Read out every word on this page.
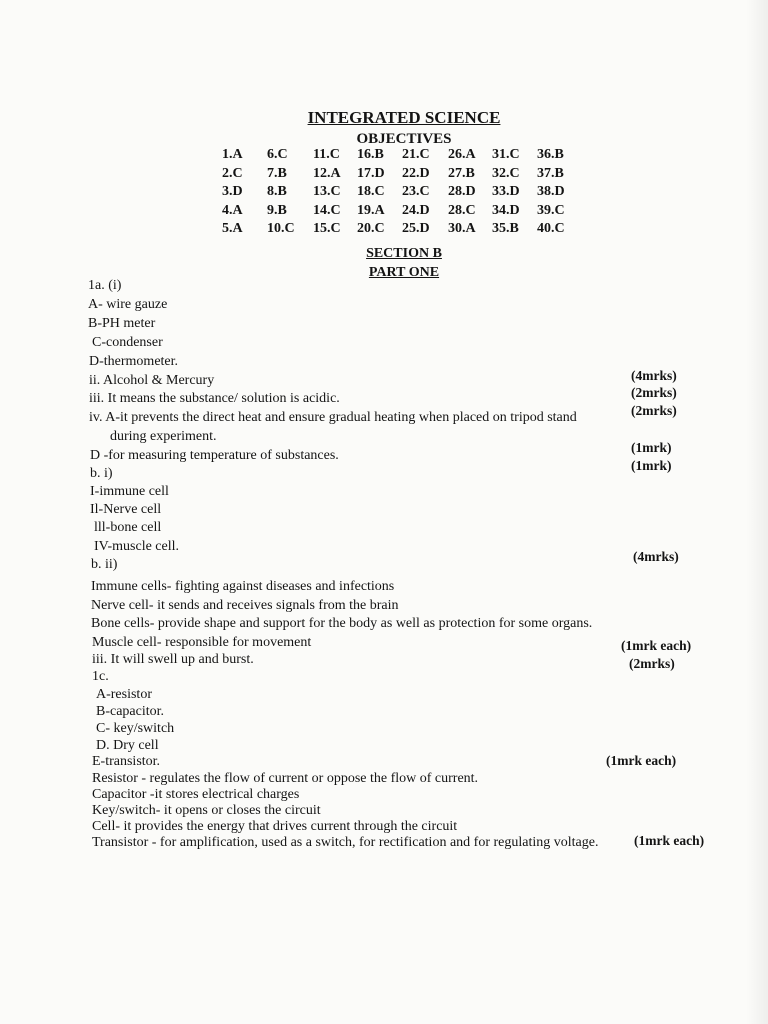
INTEGRATED SCIENCE
OBJECTIVES
1.A	6.C	11.C	16.B	21.C	26.A	31.C	36.B
2.C	7.B	12.A	17.D	22.D	27.B	32.C	37.B
3.D	8.B	13.C	18.C	23.C	28.D	33.D	38.D
4.A	9.B	14.C	19.A	24.D	28.C	34.D	39.C
5.A	10.C	15.C	20.C	25.D	30.A	35.B	40.C
SECTION B
PART ONE
1a. (i)
A- wire gauze
B-PH meter
C-condenser
D-thermometer.
ii. Alcohol & Mercury
iii. It means the substance/ solution is acidic.
iv. A-it prevents the direct heat and ensure gradual heating when placed on tripod stand
during experiment.
D -for measuring temperature of substances.
b. i)
I-immune cell
Il-Nerve cell
lll-bone cell
IV-muscle cell.
b. ii)
Immune cells- fighting against diseases and infections
Nerve cell- it sends and receives signals from the brain
Bone cells- provide shape and support for the body as well as protection for some organs.
Muscle cell- responsible for movement
iii. It will swell up and burst.
1c.
A-resistor
B-capacitor.
C- key/switch
D. Dry cell
E-transistor.
Resistor - regulates the flow of current or oppose the flow of current.
Capacitor -it stores electrical charges
Key/switch- it opens or closes the circuit
Cell- it provides the energy that drives current through the circuit
Transistor - for amplification, used as a switch, for rectification and for regulating voltage.
(4mrks)
(2mrks)
(2mrks)
(1mrk)
(1mrk)
(4mrks)
(1mrk each)
(2mrks)
(1mrk each)
(1mrk each)
